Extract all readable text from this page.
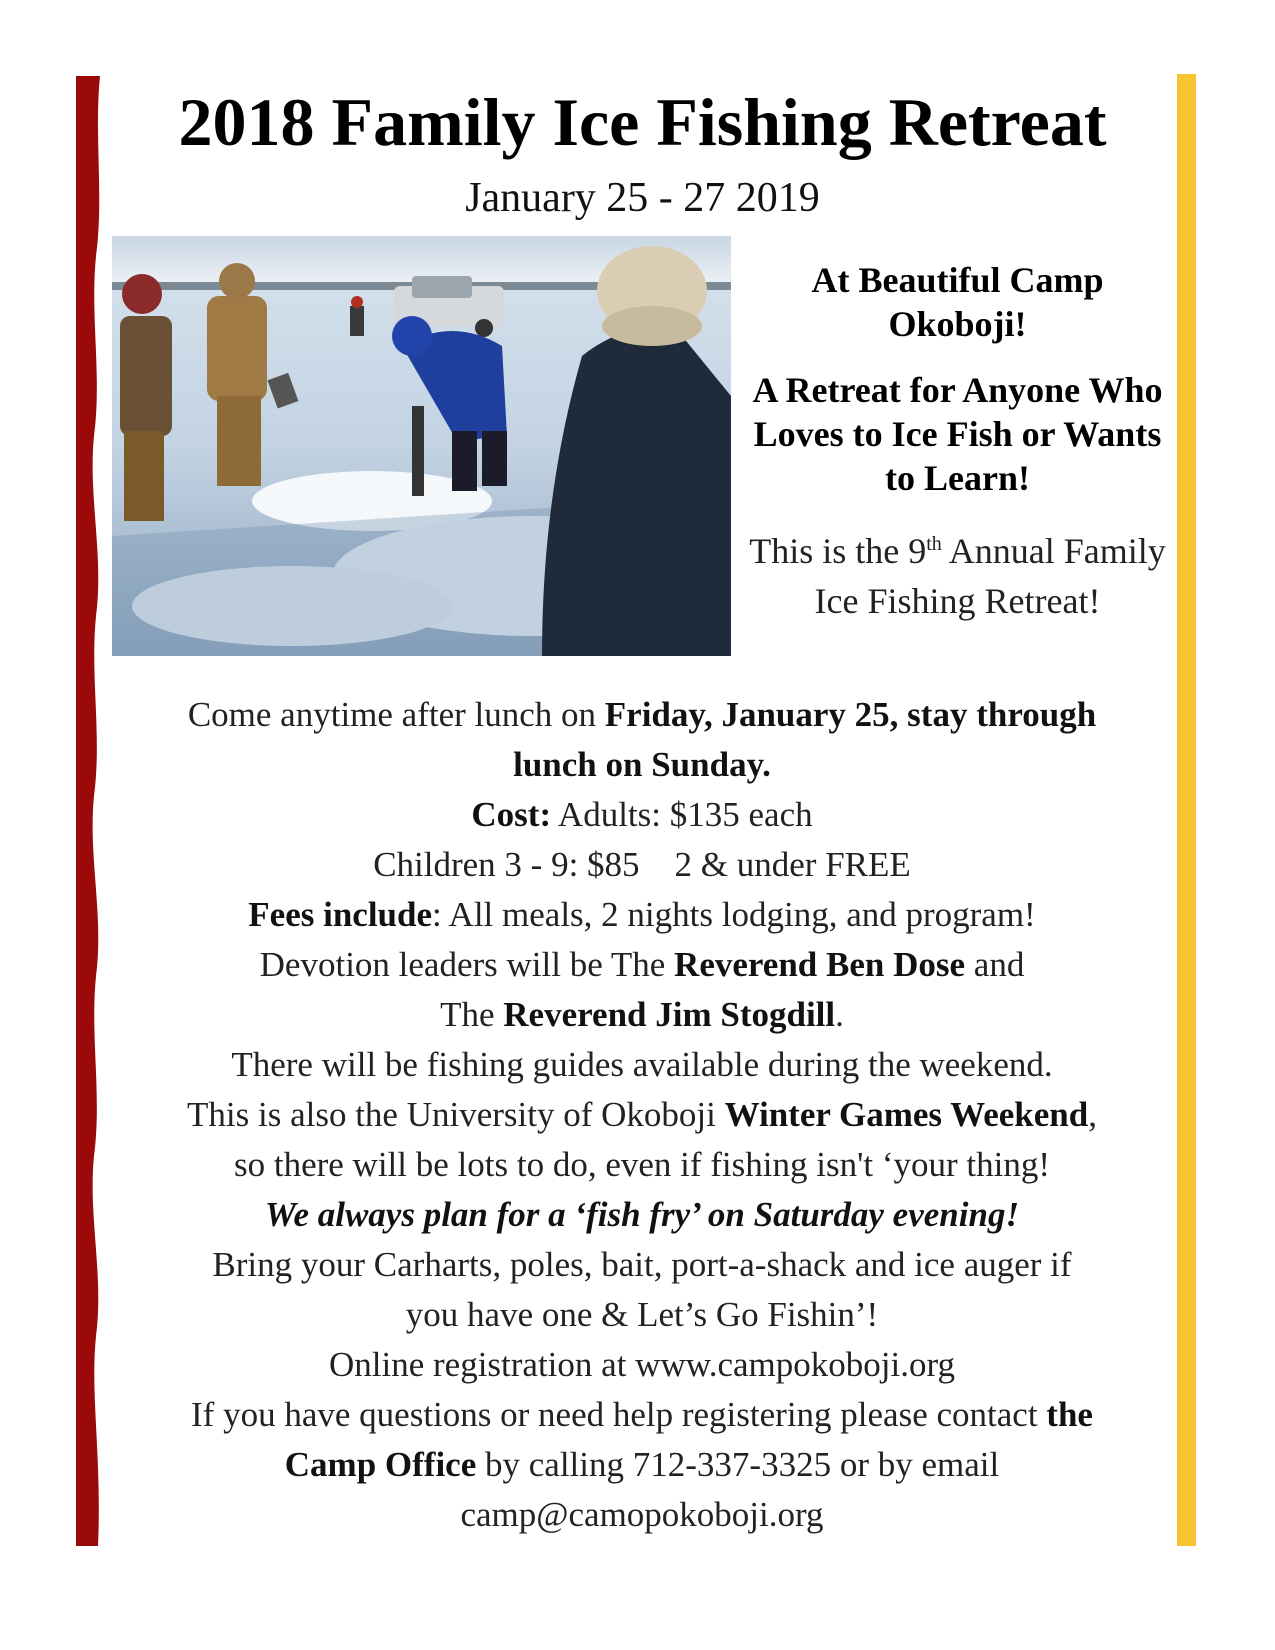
2018 Family Ice Fishing Retreat
January 25 - 27 2019
At Beautiful Camp Okoboji!
A Retreat for Anyone Who Loves to Ice Fish or Wants to Learn!
This is the 9th Annual Family Ice Fishing Retreat!
Come anytime after lunch on Friday, January 25, stay through
lunch on Sunday.
Cost: Adults: $135 each
Children 3 - 9: $85    2 & under FREE
Fees include: All meals, 2 nights lodging, and program!
Devotion leaders will be The Reverend Ben Dose and
The Reverend Jim Stogdill.
There will be fishing guides available during the weekend.
This is also the University of Okoboji Winter Games Weekend,
so there will be lots to do, even if fishing isn't ‘your thing!
We always plan for a ‘fish fry’ on Saturday evening!
Bring your Carharts, poles, bait, port-a-shack and ice auger if
you have one & Let’s Go Fishin’!
Online registration at www.campokoboji.org
If you have questions or need help registering please contact the
Camp Office by calling 712-337-3325 or by email
camp@camopokoboji.org
